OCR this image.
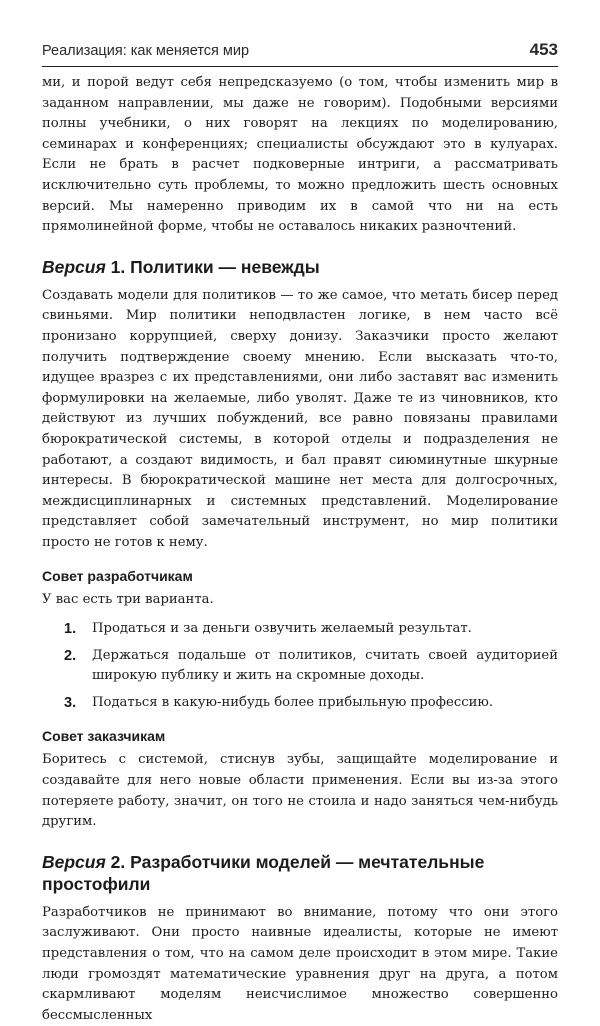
Реализация: как меняется мир	453

ми, и порой ведут себя непредсказуемо (о том, чтобы изменить мир в заданном направлении, мы даже не говорим). Подобными версиями полны учебники, о них говорят на лекциях по моделированию, семинарах и конференциях; специалисты обсуждают это в кулуарах. Если не брать в расчет подковерные интриги, а рассматривать исключительно суть проблемы, то можно предложить шесть основных версий. Мы намеренно приводим их в самой что ни на есть прямолинейной форме, чтобы не оставалось никаких разночтений.

Версия 1. Политики — невежды

Создавать модели для политиков — то же самое, что метать бисер перед свиньями. Мир политики неподвластен логике, в нем часто всё пронизано коррупцией, сверху донизу. Заказчики просто желают получить подтверждение своему мнению. Если высказать что-то, идущее вразрез с их представлениями, они либо заставят вас изменить формулировки на желаемые, либо уволят. Даже те из чиновников, кто действуют из лучших побуждений, все равно повязаны правилами бюрократической системы, в которой отделы и подразделения не работают, а создают видимость, и бал правят сиюминутные шкурные интересы. В бюрократической машине нет места для долгосрочных, междисциплинарных и системных представлений. Моделирование представляет собой замечательный инструмент, но мир политики просто не готов к нему.

Совет разработчикам

У вас есть три варианта.

1.	Продаться и за деньги озвучить желаемый результат.
2.	Держаться подальше от политиков, считать своей аудиторией широкую публику и жить на скромные доходы.
3.	Податься в какую-нибудь более прибыльную профессию.
Совет заказчикам

Боритесь с системой, стиснув зубы, защищайте моделирование и создавайте для него новые области применения. Если вы из-за этого потеряете работу, значит, он того не стоила и надо заняться чем-нибудь другим.

Версия 2. Разработчики моделей — мечтательные простофили

Разработчиков не принимают во внимание, потому что они этого заслуживают. Они просто наивные идеалисты, которые не имеют представления о том, что на самом деле происходит в этом мире. Такие люди громоздят математические уравнения друг на друга, а потом скармливают моделям неисчислимое множество совершенно бессмысленных
